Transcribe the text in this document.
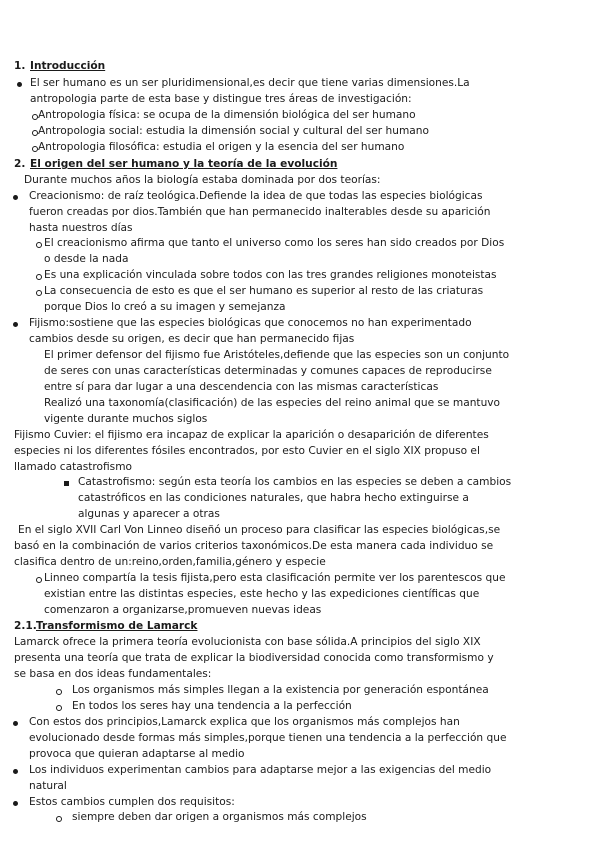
1. Introducción
El ser humano es un ser pluridimensional,es decir que tiene varias dimensiones.La
antropologia parte de esta base y distingue tres áreas de investigación:
Antropologia física: se ocupa de la dimensión biológica del ser humano
Antropologia social: estudia la dimensión social y cultural del ser humano
Antropologia filosófica: estudia el origen y la esencia del ser humano
2. El origen del ser humano y la teoría de la evolución
Durante muchos años la biología estaba dominada por dos teorías:
Creacionismo: de raíz teológica.Defiende la idea de que todas las especies biológicas
fueron creadas por dios.También que han permanecido inalterables desde su aparición
hasta nuestros días
El creacionismo afirma que tanto el universo como los seres han sido creados por Dios
o desde la nada
Es una explicación vinculada sobre todos con las tres grandes religiones monoteistas
La consecuencia de esto es que el ser humano es superior al resto de las criaturas
porque Dios lo creó a su imagen y semejanza
Fijismo:sostiene que las especies biológicas que conocemos no han experimentado
cambios desde su origen, es decir que han permanecido fijas
El primer defensor del fijismo fue Aristóteles,defiende que las especies son un conjunto
de seres con unas características determinadas y comunes capaces de reproducirse
entre sí para dar lugar a una descendencia con las mismas características
Realizó una taxonomía(clasificación) de las especies del reino animal que se mantuvo
vigente durante muchos siglos
Fijismo Cuvier: el fijismo era incapaz de explicar la aparición o desaparición de diferentes
especies ni los diferentes fósiles encontrados, por esto Cuvier en el siglo XIX propuso el
llamado catastrofismo
Catastrofismo: según esta teoría los cambios en las especies se deben a cambios
catastróficos en las condiciones naturales, que habra hecho extinguirse a
algunas y aparecer a otras
En el siglo XVII Carl Von Linneo diseñó un proceso para clasificar las especies biológicas,se
basó en la combinación de varios criterios taxonómicos.De esta manera cada individuo se
clasifica dentro de un:reino,orden,familia,género y especie
Linneo compartía la tesis fijista,pero esta clasificación permite ver los parentescos que
existian entre las distintas especies, este hecho y las expediciones científicas que
comenzaron a organizarse,promueven nuevas ideas
2.1. Transformismo de Lamarck
Lamarck ofrece la primera teoría evolucionista con base sólida.A principios del siglo XIX
presenta una teoría que trata de explicar la biodiversidad conocida como transformismo y
se basa en dos ideas fundamentales:
Los organismos más simples llegan a la existencia por generación espontánea
En todos los seres hay una tendencia a la perfección
Con estos dos principios,Lamarck explica que los organismos más complejos han
evolucionado desde formas más simples,porque tienen una tendencia a la perfección que
provoca que quieran adaptarse al medio
Los individuos experimentan cambios para adaptarse mejor a las exigencias del medio
natural
Estos cambios cumplen dos requisitos:
siempre deben dar origen a organismos más complejos
